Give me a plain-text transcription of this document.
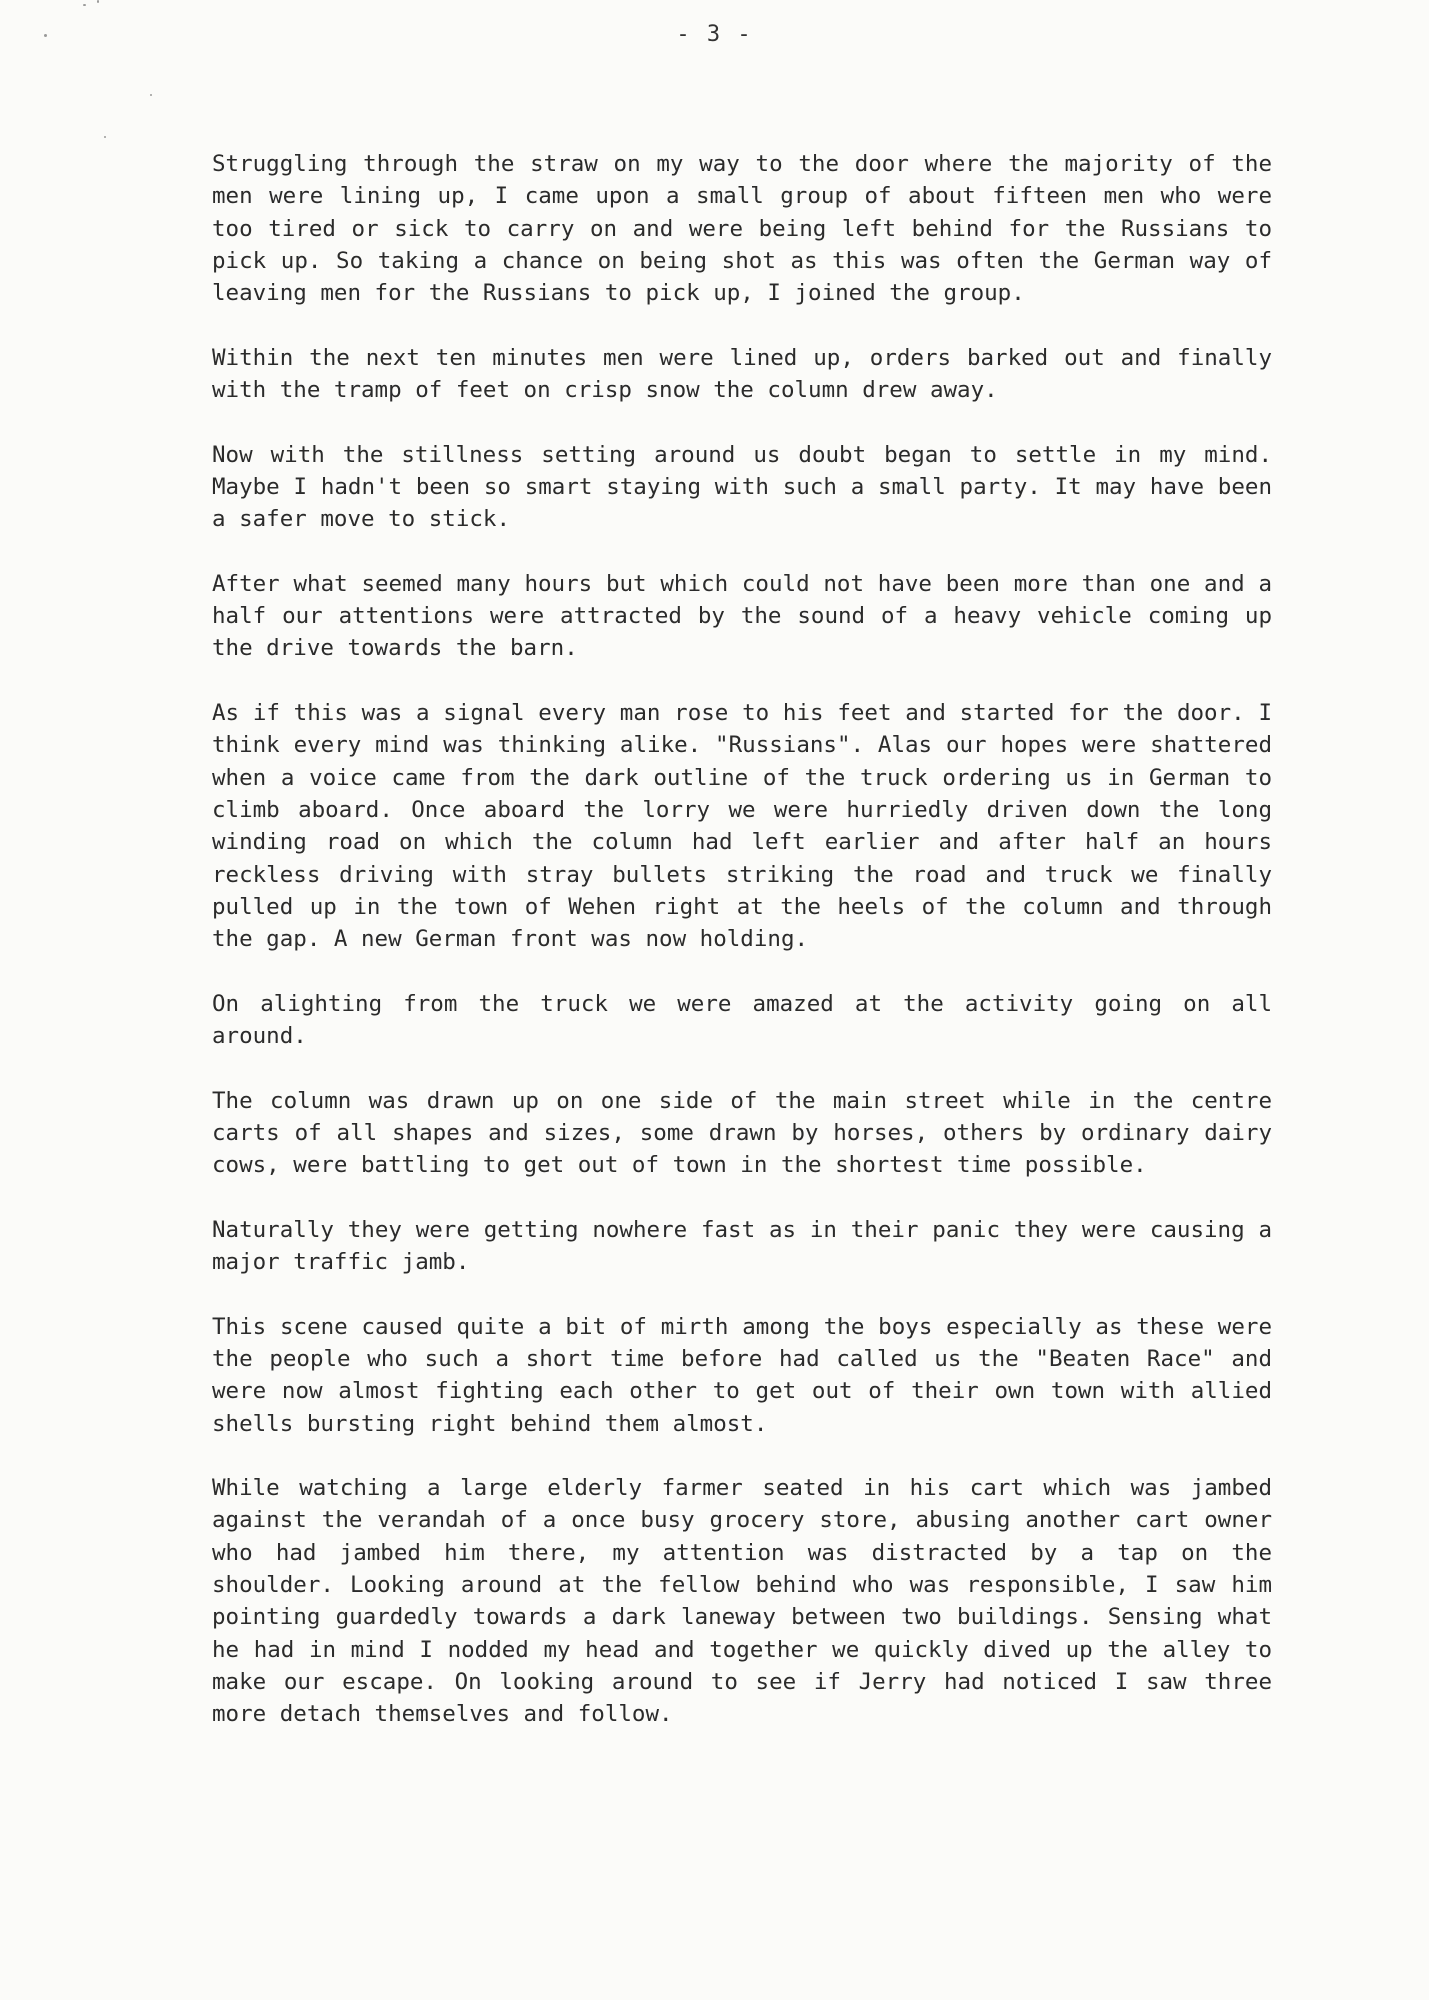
- 3 -

Struggling through the straw on my way to the door where the majority of the men were lining up, I came upon a small group of about fifteen men who were too tired or sick to carry on and were being left behind for the Russians to pick up. So taking a chance on being shot as this was often the German way of leaving men for the Russians to pick up, I joined the group.

Within the next ten minutes men were lined up, orders barked out and finally with the tramp of feet on crisp snow the column drew away.

Now with the stillness setting around us doubt began to settle in my mind. Maybe I hadn't been so smart staying with such a small party. It may have been a safer move to stick.

After what seemed many hours but which could not have been more than one and a half our attentions were attracted by the sound of a heavy vehicle coming up the drive towards the barn.

As if this was a signal every man rose to his feet and started for the door. I think every mind was thinking alike. "Russians". Alas our hopes were shattered when a voice came from the dark outline of the truck ordering us in German to climb aboard. Once aboard the lorry we were hurriedly driven down the long winding road on which the column had left earlier and after half an hours reckless driving with stray bullets striking the road and truck we finally pulled up in the town of Wehen right at the heels of the column and through the gap. A new German front was now holding.

On alighting from the truck we were amazed at the activity going on all around.

The column was drawn up on one side of the main street while in the centre carts of all shapes and sizes, some drawn by horses, others by ordinary dairy cows, were battling to get out of town in the shortest time possible.

Naturally they were getting nowhere fast as in their panic they were causing a major traffic jamb.

This scene caused quite a bit of mirth among the boys especially as these were the people who such a short time before had called us the "Beaten Race" and were now almost fighting each other to get out of their own town with allied shells bursting right behind them almost.

While watching a large elderly farmer seated in his cart which was jambed against the verandah of a once busy grocery store, abusing another cart owner who had jambed him there, my attention was distracted by a tap on the shoulder. Looking around at the fellow behind who was responsible, I saw him pointing guardedly towards a dark laneway between two buildings. Sensing what he had in mind I nodded my head and together we quickly dived up the alley to make our escape. On looking around to see if Jerry had noticed I saw three more detach themselves and follow.
